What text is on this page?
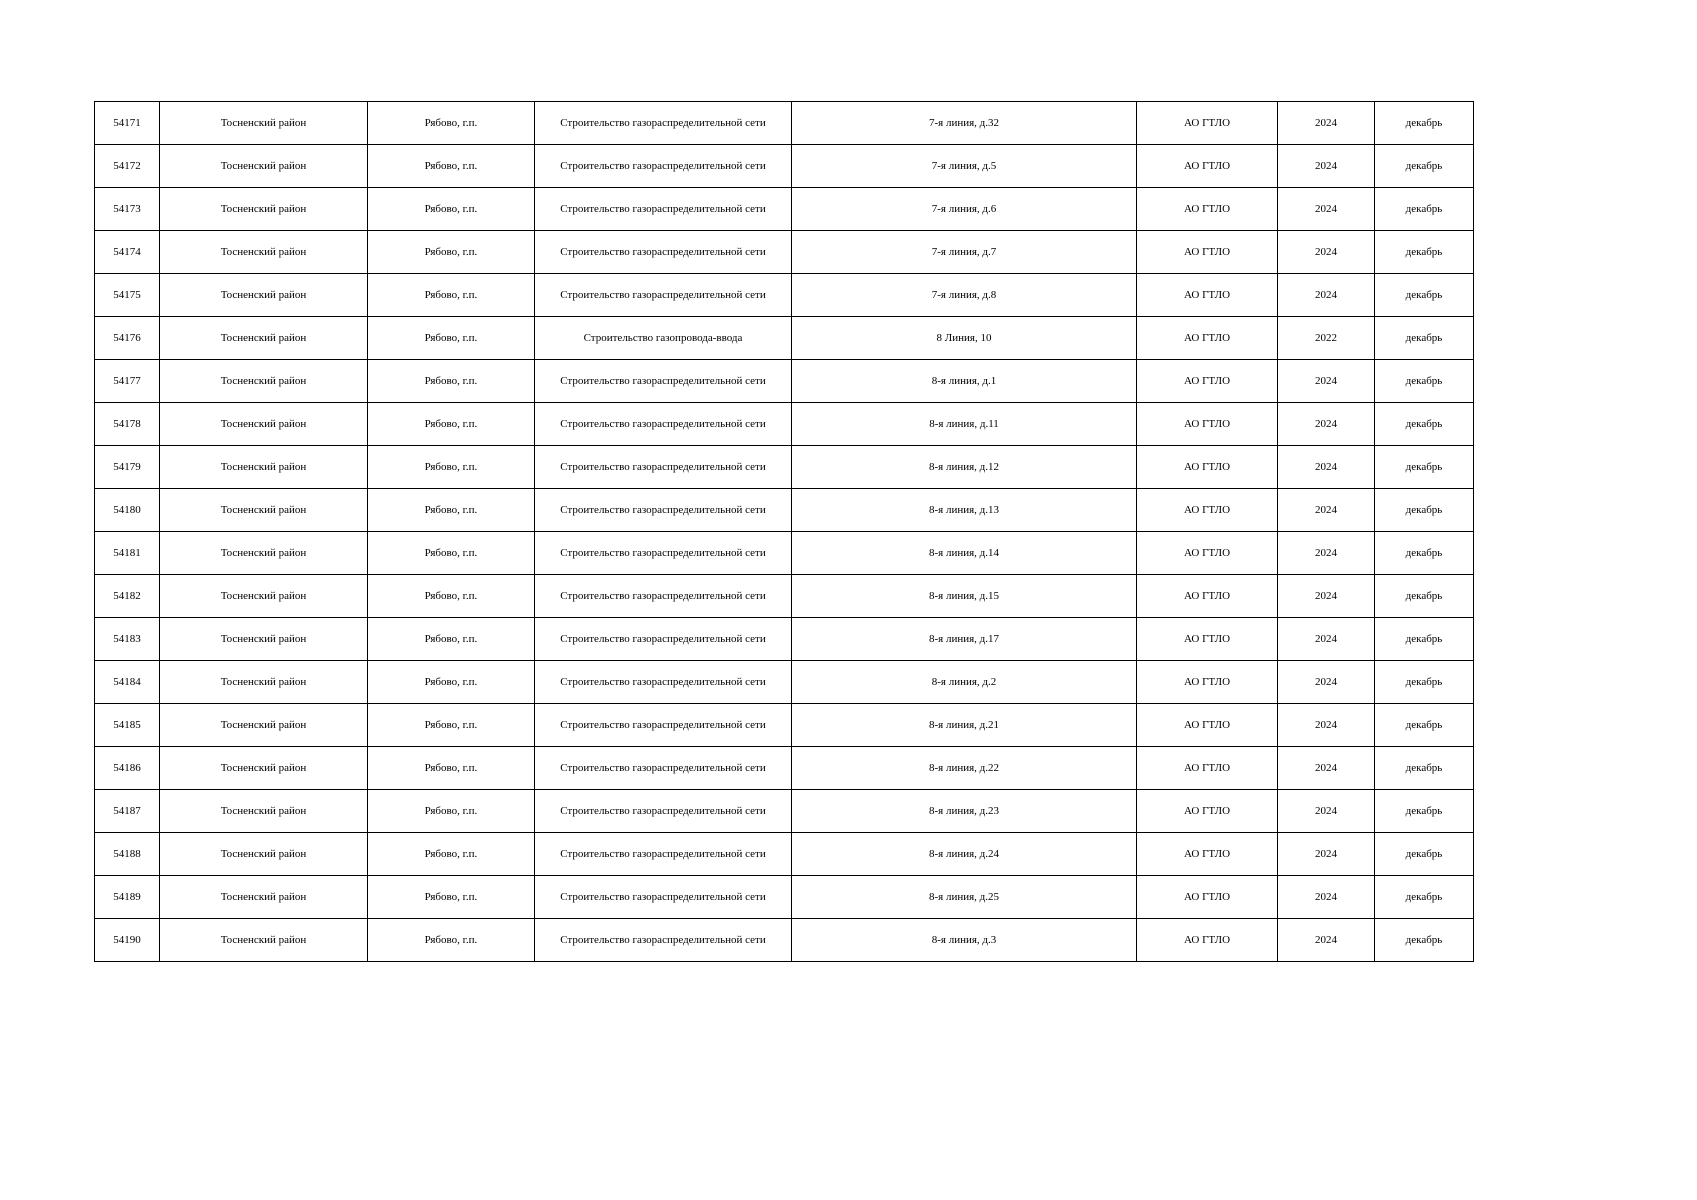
54171	Тосненский район	Рябово, г.п.	Строительство газораспределительной сети	7-я линия, д.32	АО ГТЛО	2024	декабрь
54172	Тосненский район	Рябово, г.п.	Строительство газораспределительной сети	7-я линия, д.5	АО ГТЛО	2024	декабрь
54173	Тосненский район	Рябово, г.п.	Строительство газораспределительной сети	7-я линия, д.6	АО ГТЛО	2024	декабрь
54174	Тосненский район	Рябово, г.п.	Строительство газораспределительной сети	7-я линия, д.7	АО ГТЛО	2024	декабрь
54175	Тосненский район	Рябово, г.п.	Строительство газораспределительной сети	7-я линия, д.8	АО ГТЛО	2024	декабрь
54176	Тосненский район	Рябово, г.п.	Строительство газопровода-ввода	8 Линия, 10	АО ГТЛО	2022	декабрь
54177	Тосненский район	Рябово, г.п.	Строительство газораспределительной сети	8-я линия, д.1	АО ГТЛО	2024	декабрь
54178	Тосненский район	Рябово, г.п.	Строительство газораспределительной сети	8-я линия, д.11	АО ГТЛО	2024	декабрь
54179	Тосненский район	Рябово, г.п.	Строительство газораспределительной сети	8-я линия, д.12	АО ГТЛО	2024	декабрь
54180	Тосненский район	Рябово, г.п.	Строительство газораспределительной сети	8-я линия, д.13	АО ГТЛО	2024	декабрь
54181	Тосненский район	Рябово, г.п.	Строительство газораспределительной сети	8-я линия, д.14	АО ГТЛО	2024	декабрь
54182	Тосненский район	Рябово, г.п.	Строительство газораспределительной сети	8-я линия, д.15	АО ГТЛО	2024	декабрь
54183	Тосненский район	Рябово, г.п.	Строительство газораспределительной сети	8-я линия, д.17	АО ГТЛО	2024	декабрь
54184	Тосненский район	Рябово, г.п.	Строительство газораспределительной сети	8-я линия, д.2	АО ГТЛО	2024	декабрь
54185	Тосненский район	Рябово, г.п.	Строительство газораспределительной сети	8-я линия, д.21	АО ГТЛО	2024	декабрь
54186	Тосненский район	Рябово, г.п.	Строительство газораспределительной сети	8-я линия, д.22	АО ГТЛО	2024	декабрь
54187	Тосненский район	Рябово, г.п.	Строительство газораспределительной сети	8-я линия, д.23	АО ГТЛО	2024	декабрь
54188	Тосненский район	Рябово, г.п.	Строительство газораспределительной сети	8-я линия, д.24	АО ГТЛО	2024	декабрь
54189	Тосненский район	Рябово, г.п.	Строительство газораспределительной сети	8-я линия, д.25	АО ГТЛО	2024	декабрь
54190	Тосненский район	Рябово, г.п.	Строительство газораспределительной сети	8-я линия, д.3	АО ГТЛО	2024	декабрь
